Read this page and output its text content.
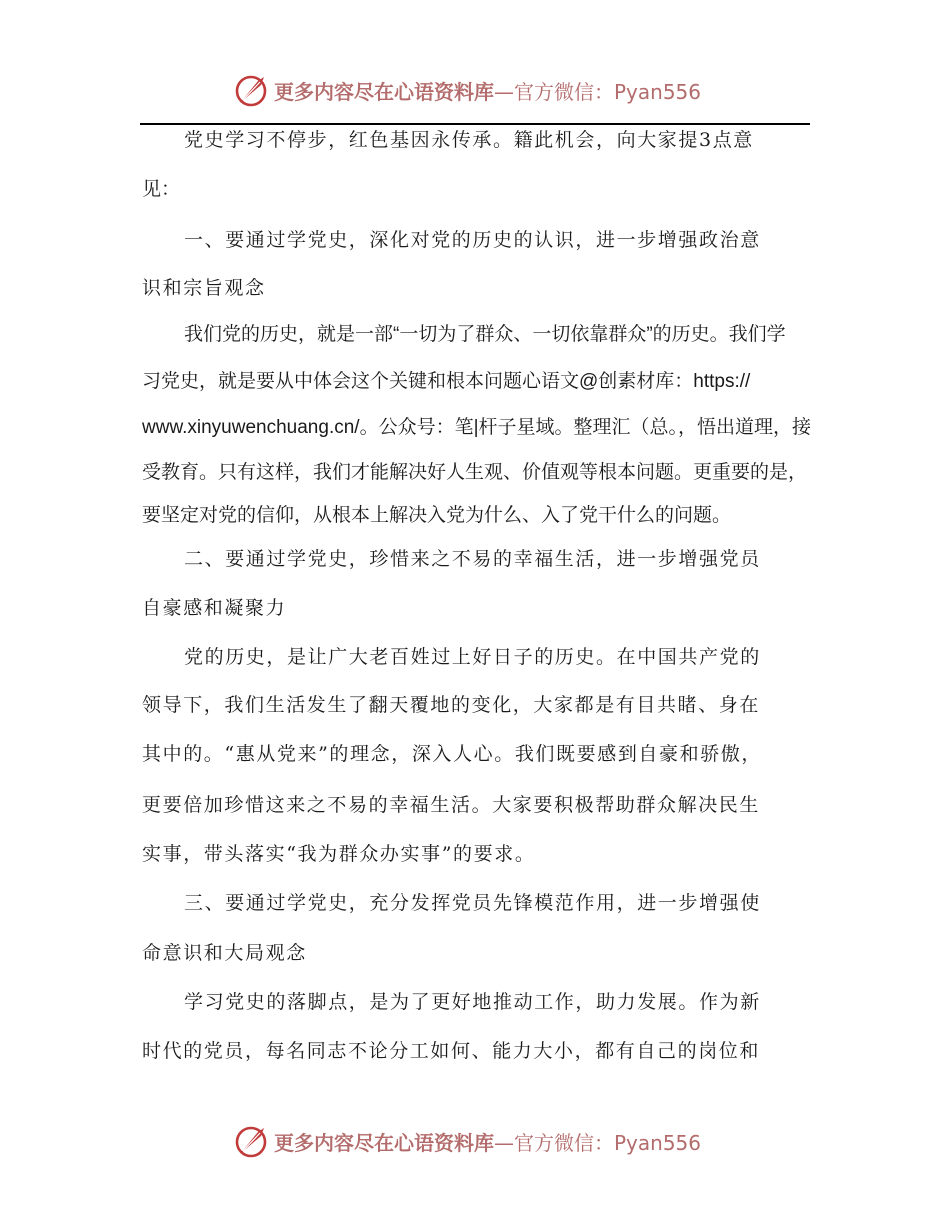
更多内容尽在心语资料库—官方微信：Pyan556
党史学习不停步，红色基因永传承。籍此机会，向大家提3点意
见：
一、要通过学党史，深化对党的历史的认识，进一步增强政治意
识和宗旨观念
我们党的历史，就是一部“一切为了群众、一切依靠群众”的历史。我们学
习党史，就是要从中体会这个关键和根本问题心语文@创素材库：https://
www.xinyuwenchuang.cn/。公众号：笔|杆子星域。整理汇（总。，悟出道理，接
受教育。只有这样，我们才能解决好人生观、价值观等根本问题。更重要的是，
要坚定对党的信仰，从根本上解决入党为什么、入了党干什么的问题。
二、要通过学党史，珍惜来之不易的幸福生活，进一步增强党员
自豪感和凝聚力
党的历史，是让广大老百姓过上好日子的历史。在中国共产党的
领导下，我们生活发生了翻天覆地的变化，大家都是有目共睹、身在
其中的。“惠从党来”的理念，深入人心。我们既要感到自豪和骄傲，
更要倍加珍惜这来之不易的幸福生活。大家要积极帮助群众解决民生
实事，带头落实“我为群众办实事”的要求。
三、要通过学党史，充分发挥党员先锋模范作用，进一步增强使
命意识和大局观念
学习党史的落脚点，是为了更好地推动工作，助力发展。作为新
时代的党员，每名同志不论分工如何、能力大小，都有自己的岗位和
更多内容尽在心语资料库—官方微信：Pyan556
